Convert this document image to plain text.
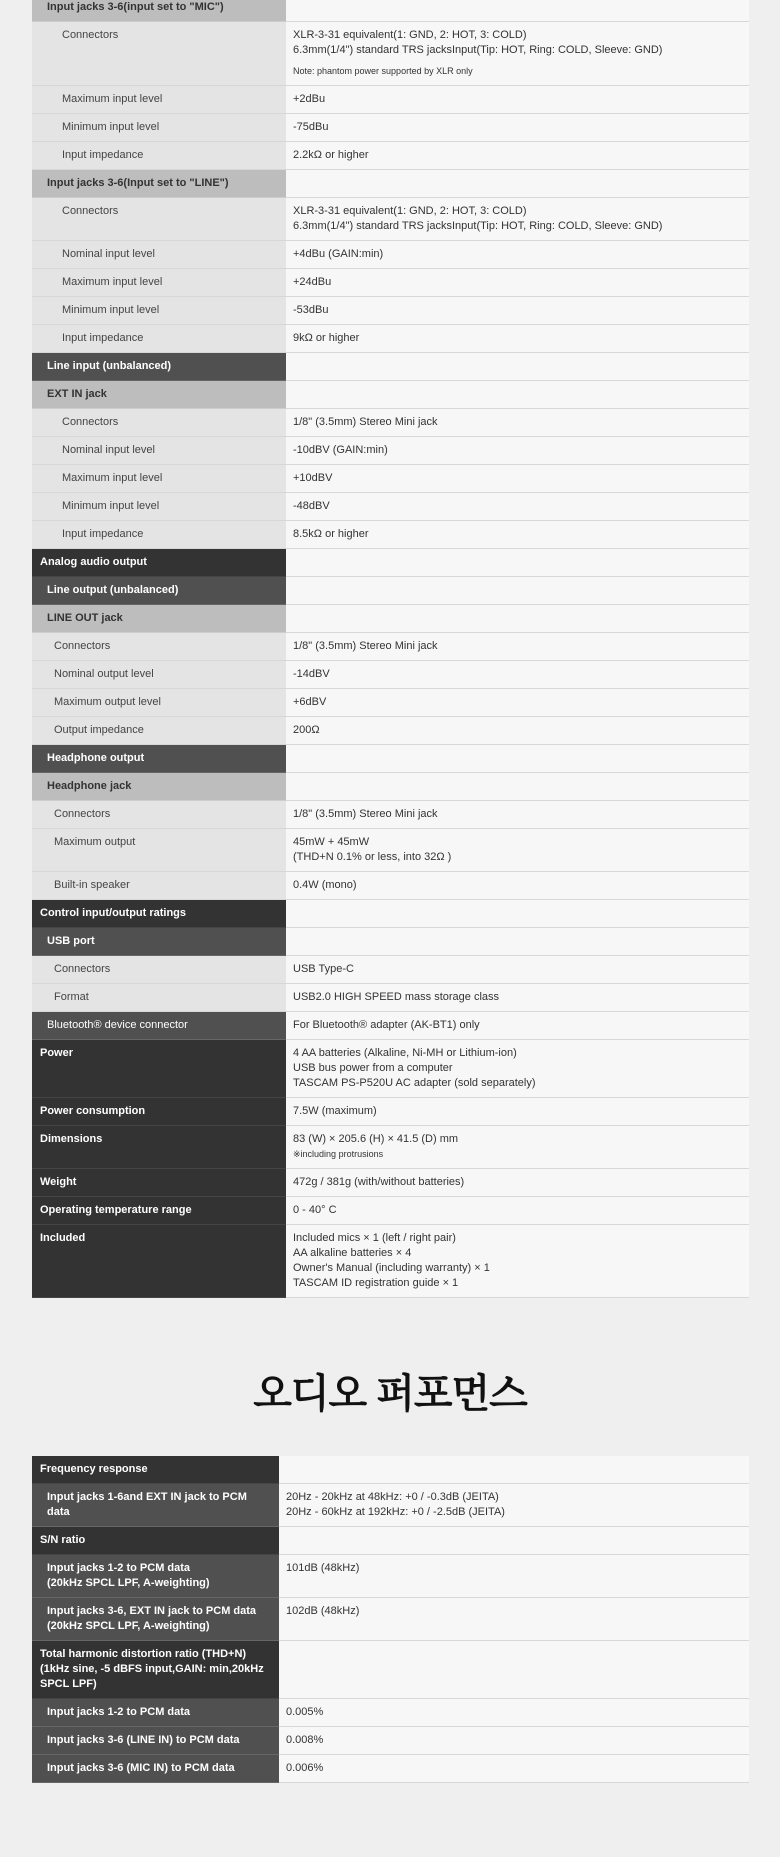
Input jacks 3-6(input set to "MIC")	

Connectors	XLR-3-31 equivalent(1: GND, 2: HOT, 3: COLD)
6.3mm(1/4") standard TRS jacksInput(Tip: HOT, Ring: COLD, Sleeve: GND)
Note: phantom power supported by XLR only

Maximum input level	+2dBu

Minimum input level	-75dBu

Input impedance	2.2kΩ or higher

Input jacks 3-6(Input set to "LINE")	

Connectors	XLR-3-31 equivalent(1: GND, 2: HOT, 3: COLD)
6.3mm(1/4") standard TRS jacksInput(Tip: HOT, Ring: COLD, Sleeve: GND)

Nominal input level	+4dBu (GAIN:min)

Maximum input level	+24dBu

Minimum input level	-53dBu

Input impedance	9kΩ or higher

Line input (unbalanced)	

EXT IN jack	

Connectors	1/8" (3.5mm) Stereo Mini jack

Nominal input level	-10dBV (GAIN:min)

Maximum input level	+10dBV

Minimum input level	-48dBV

Input impedance	8.5kΩ or higher

Analog audio output	

Line output (unbalanced)	

LINE OUT jack	

Connectors	1/8" (3.5mm) Stereo Mini jack

Nominal output level	-14dBV

Maximum output level	+6dBV

Output impedance	200Ω

Headphone output	

Headphone jack	

Connectors	1/8" (3.5mm) Stereo Mini jack

Maximum output	45mW + 45mW
(THD+N 0.1% or less, into 32Ω )

Built-in speaker	0.4W (mono)

Control input/output ratings	

USB port	

Connectors	USB Type-C

Format	USB2.0 HIGH SPEED mass storage class

Bluetooth® device connector	For Bluetooth® adapter (AK-BT1) only

Power	4 AA batteries (Alkaline, Ni-MH or Lithium-ion)
USB bus power from a computer
TASCAM PS-P520U AC adapter (sold separately)

Power consumption	7.5W (maximum)

Dimensions	83 (W) × 205.6 (H) × 41.5 (D) mm
※including protrusions

Weight	472g / 381g (with/without batteries)

Operating temperature range	0 - 40° C

Included	Included mics × 1 (left / right pair)
AA alkaline batteries × 4
Owner's Manual (including warranty) × 1
TASCAM ID registration guide × 1
오디오 퍼포먼스
Frequency response	

Input jacks 1-6and EXT IN jack to PCM data	20Hz - 20kHz at 48kHz: +0 / -0.3dB (JEITA)
20Hz - 60kHz at 192kHz: +0 / -2.5dB (JEITA)

S/N ratio	

Input jacks 1-2 to PCM data
(20kHz SPCL LPF, A-weighting)	101dB (48kHz)

Input jacks 3-6, EXT IN jack to PCM data
(20kHz SPCL LPF, A-weighting)	102dB (48kHz)

Total harmonic distortion ratio (THD+N)
(1kHz sine, -5 dBFS input,GAIN: min,20kHz SPCL LPF)	

Input jacks 1-2 to PCM data	0.005%

Input jacks 3-6 (LINE IN) to PCM data	0.008%

Input jacks 3-6 (MIC IN) to PCM data	0.006%
